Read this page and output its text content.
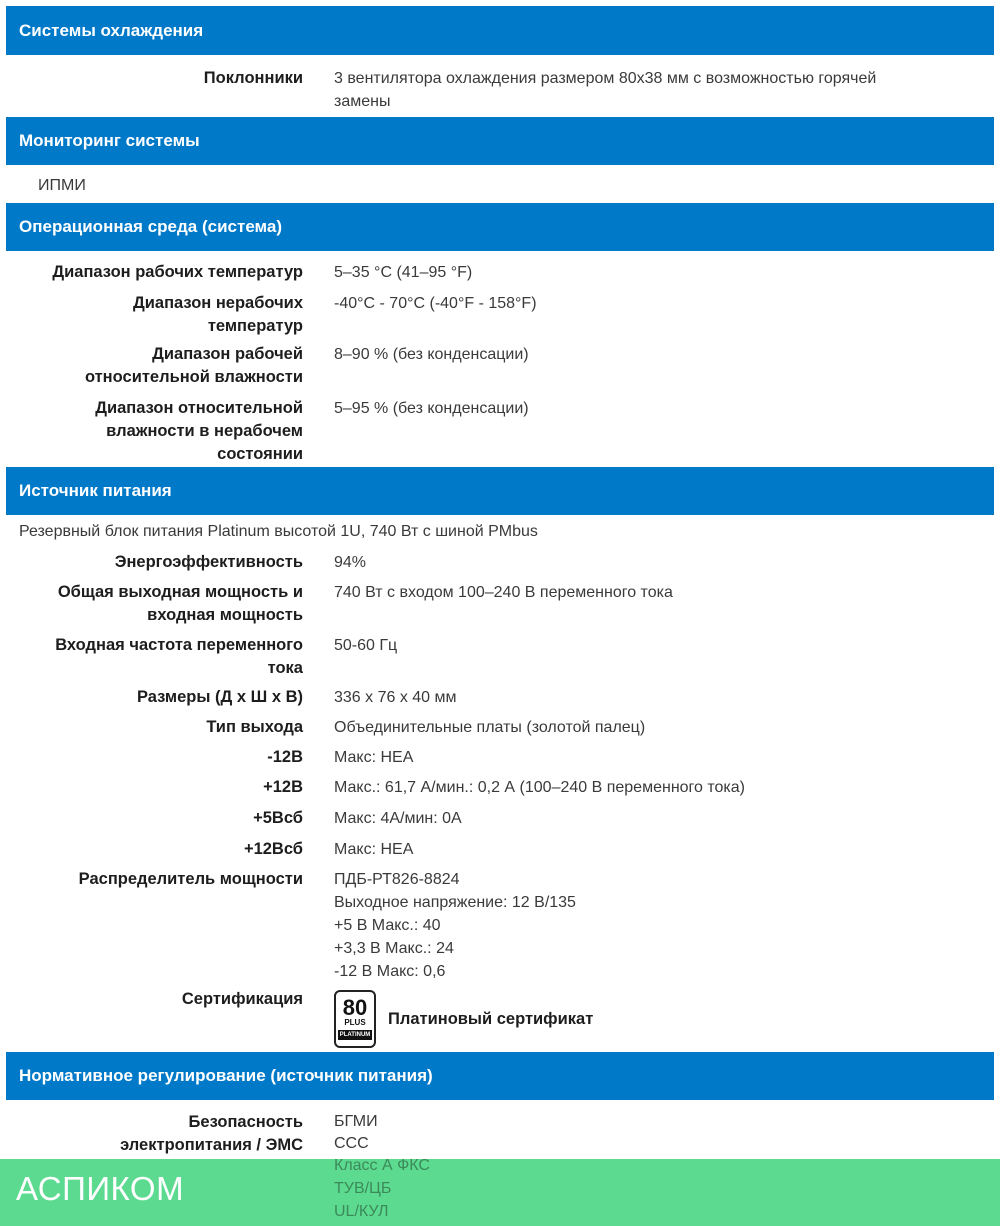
Системы охлаждения
Поклонники 3 вентилятора охлаждения размером 80x38 мм с возможностью горячей
замены
Мониторинг системы
ИПМИ
Операционная среда (система)
Диапазон рабочих температур 5–35 °C (41–95 °F)
Диапазон нерабочих
температур
-40°C - 70°C (-40°F - 158°F)
Диапазон рабочей
относительной влажности
8–90 % (без конденсации)
Диапазон относительной
влажности в нерабочем
состоянии
5–95 % (без конденсации)
Источник питания
Резервный блок питания Platinum высотой 1U, 740 Вт с шиной PMbus
Энергоэффективность 94%
Общая выходная мощность и
входная мощность
740 Вт с входом 100–240 В переменного тока
Входная частота переменного
тока
50-60 Гц
Размеры (Д x Ш x В) 336 x 76 x 40 мм
Тип выхода Объединительные платы (золотой палец)
-12В Макс: НЕА
+12В Макс.: 61,7 А/мин.: 0,2 А (100–240 В переменного тока)
+5Всб Макс: 4А/мин: 0А
+12Всб Макс: НЕА
Распределитель мощности ПДБ-РТ826-8824
Выходное напряжение: 12 В/135
+5 В Макс.: 40
+3,3 В Макс.: 24
-12 В Макс: 0,6
Сертификация 80
PLUS
PLATINUM
Платиновый сертификат
Нормативное регулирование (источник питания)
Безопасность
электропитания / ЭМС
БГМИ
ССС
АСПИКОМ
Класс А ФКС
ТУВ/ЦБ
UL/КУЛ
